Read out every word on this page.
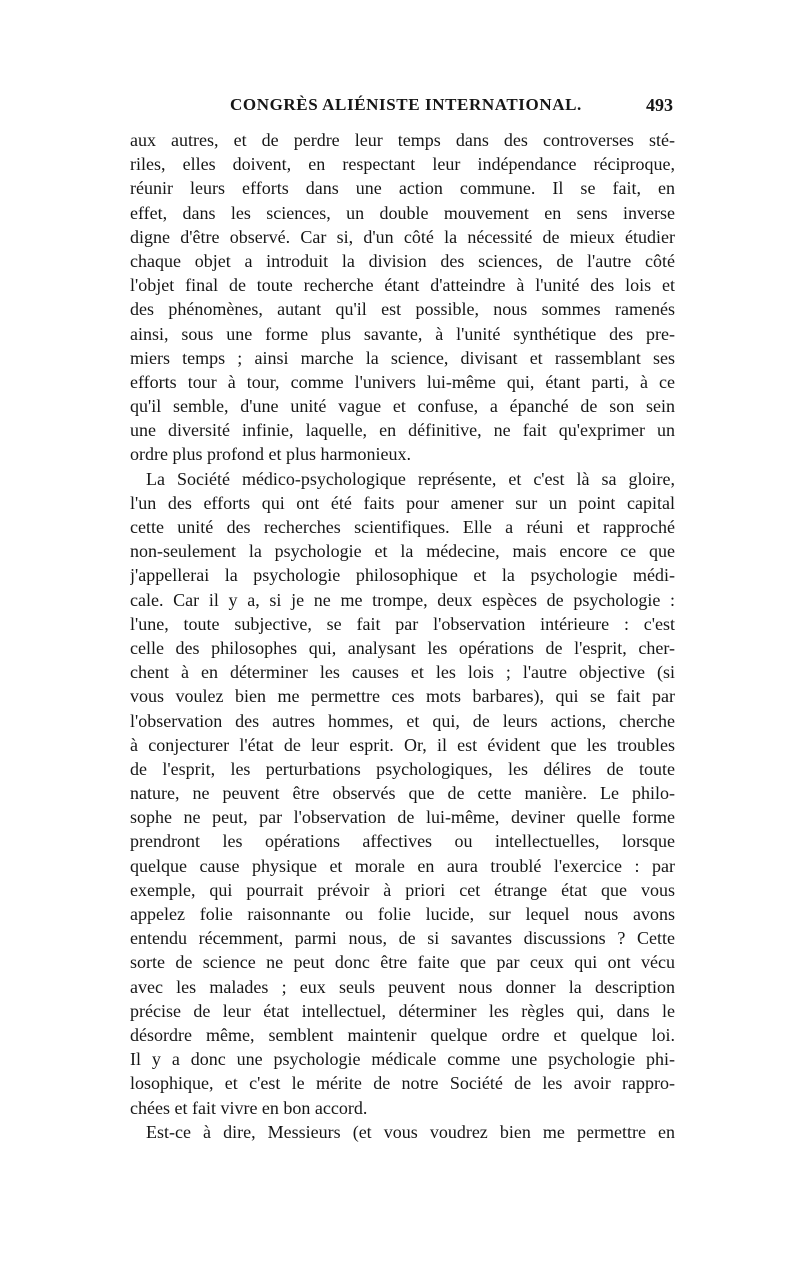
CONGRÈS ALIÉNISTE INTERNATIONAL.	493
aux autres, et de perdre leur temps dans des controverses sté-
riles, elles doivent, en respectant leur indépendance réciproque,
réunir leurs efforts dans une action commune. Il se fait, en
effet, dans les sciences, un double mouvement en sens inverse
digne d'être observé. Car si, d'un côté la nécessité de mieux étudier
chaque objet a introduit la division des sciences, de l'autre côté
l'objet final de toute recherche étant d'atteindre à l'unité des lois et
des phénomènes, autant qu'il est possible, nous sommes ramenés
ainsi, sous une forme plus savante, à l'unité synthétique des pre-
miers temps ; ainsi marche la science, divisant et rassemblant ses
efforts tour à tour, comme l'univers lui-même qui, étant parti, à ce
qu'il semble, d'une unité vague et confuse, a épanché de son sein
une diversité infinie, laquelle, en définitive, ne fait qu'exprimer un
ordre plus profond et plus harmonieux.
La Société médico-psychologique représente, et c'est là sa gloire,
l'un des efforts qui ont été faits pour amener sur un point capital
cette unité des recherches scientifiques. Elle a réuni et rapproché
non-seulement la psychologie et la médecine, mais encore ce que
j'appellerai la psychologie philosophique et la psychologie médi-
cale. Car il y a, si je ne me trompe, deux espèces de psychologie :
l'une, toute subjective, se fait par l'observation intérieure : c'est
celle des philosophes qui, analysant les opérations de l'esprit, cher-
chent à en déterminer les causes et les lois ; l'autre objective (si
vous voulez bien me permettre ces mots barbares), qui se fait par
l'observation des autres hommes, et qui, de leurs actions, cherche
à conjecturer l'état de leur esprit. Or, il est évident que les troubles
de l'esprit, les perturbations psychologiques, les délires de toute
nature, ne peuvent être observés que de cette manière. Le philo-
sophe ne peut, par l'observation de lui-même, deviner quelle forme
prendront les opérations affectives ou intellectuelles, lorsque
quelque cause physique et morale en aura troublé l'exercice : par
exemple, qui pourrait prévoir à priori cet étrange état que vous
appelez folie raisonnante ou folie lucide, sur lequel nous avons
entendu récemment, parmi nous, de si savantes discussions ? Cette
sorte de science ne peut donc être faite que par ceux qui ont vécu
avec les malades ; eux seuls peuvent nous donner la description
précise de leur état intellectuel, déterminer les règles qui, dans le
désordre même, semblent maintenir quelque ordre et quelque loi.
Il y a donc une psychologie médicale comme une psychologie phi-
losophique, et c'est le mérite de notre Société de les avoir rappro-
chées et fait vivre en bon accord.
Est-ce à dire, Messieurs (et vous voudrez bien me permettre en
